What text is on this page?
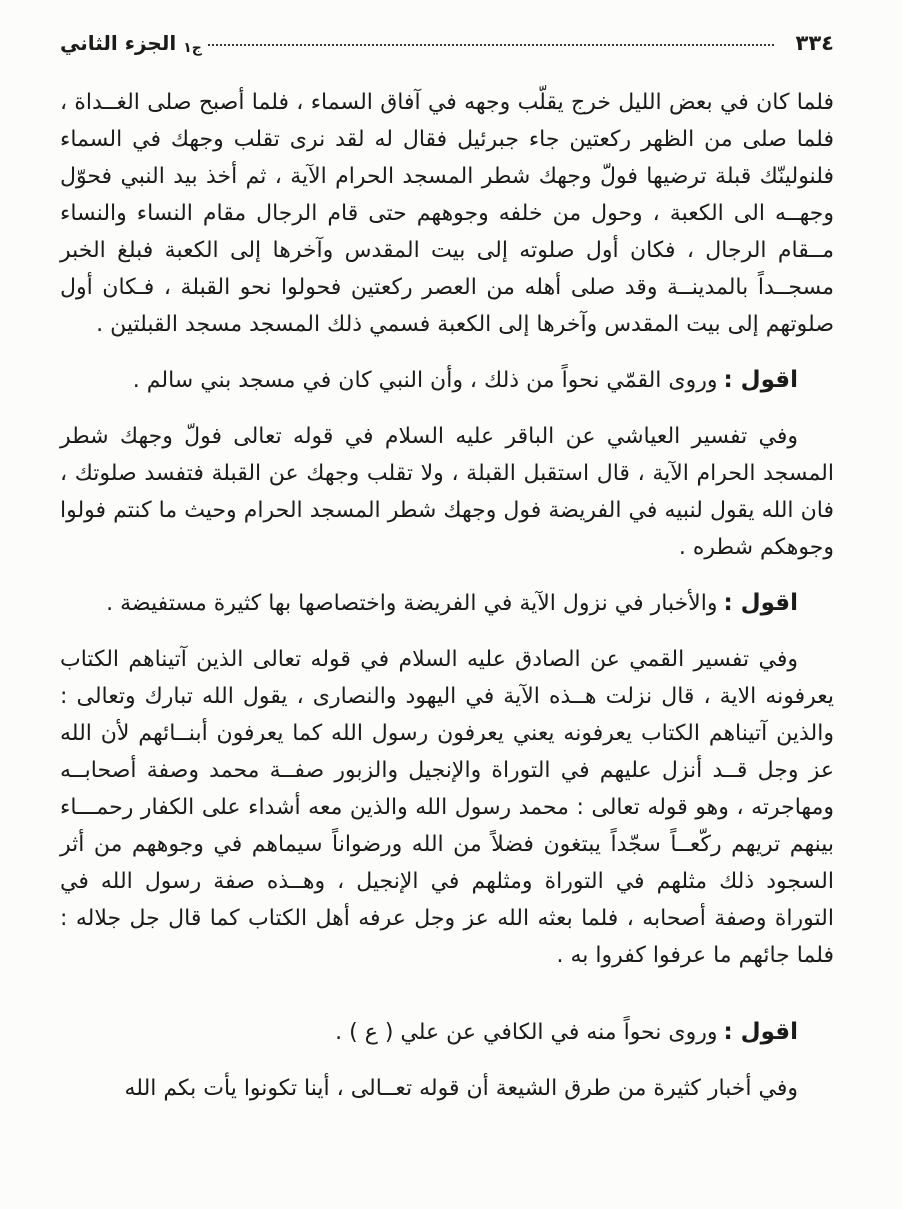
٣٣٤
ج١
الجزء الثاني

فلما كان في بعض الليل خرج يقلّب وجهه في آفاق السماء ، فلما أصبح صلى الغــداة ، فلما صلى من الظهر ركعتين جاء جبرئيل فقال له لقد نرى تقلب وجهك في السماء فلنولينّك قبلة ترضيها فولّ وجهك شطر المسجد الحرام الآية ، ثم أخذ بيد النبي فحوّل وجهــه الى الكعبة ، وحول من خلفه وجوههم حتى قام الرجال مقام النساء والنساء مــقام الرجال ، فكان أول صلوته إلى بيت المقدس وآخرها إلى الكعبة فبلغ الخبر مسجــداً بالمدينــة وقد صلى أهله من العصر ركعتين فحولوا نحو القبلة ، فـكان أول صلوتهم إلى بيت المقدس وآخرها إلى الكعبة فسمي ذلك المسجد مسجد القبلتين .

اقول :وروى القمّي نحواً من ذلك ، وأن النبي كان في مسجد بني سالم .

وفي تفسير العياشي عن الباقر عليه السلام في قوله تعالى فولّ وجهك شطر المسجد الحرام الآية ، قال استقبل القبلة ، ولا تقلب وجهك عن القبلة فتفسد صلوتك ، فان الله يقول لنبيه في الفريضة فول وجهك شطر المسجد الحرام وحيث ما كنتم فولوا وجوهكم شطره .

اقول :والأخبار في نزول الآية في الفريضة واختصاصها بها كثيرة مستفيضة .

وفي تفسير القمي عن الصادق عليه السلام في قوله تعالى الذين آتيناهم الكتاب يعرفونه الاية ، قال نزلت هــذه الآية في اليهود والنصارى ، يقول الله تبارك وتعالى : والذين آتيناهم الكتاب يعرفونه يعني يعرفون رسول الله كما يعرفون أبنــائهم لأن الله عز وجل قــد أنزل عليهم في التوراة والإنجيل والزبور صفــة محمد وصفة أصحابــه ومهاجرته ، وهو قوله تعالى : محمد رسول الله والذين معه أشداء على الكفار رحمـــاء بينهم تريهم ركّعــاً سجّداً يبتغون فضلاً من الله ورضواناً سيماهم في وجوههم من أثر السجود ذلك مثلهم في التوراة ومثلهم في الإنجيل ، وهــذه صفة رسول الله في التوراة وصفة أصحابه ، فلما بعثه الله عز وجل عرفه أهل الكتاب كما قال جل جلاله : فلما جائهم ما عرفوا كفروا به .

اقول :وروى نحواً منه في الكافي عن علي ( ع ) .

وفي أخبار كثيرة من طرق الشيعة أن قوله تعــالى ، أينا تكونوا يأت بكم الله
